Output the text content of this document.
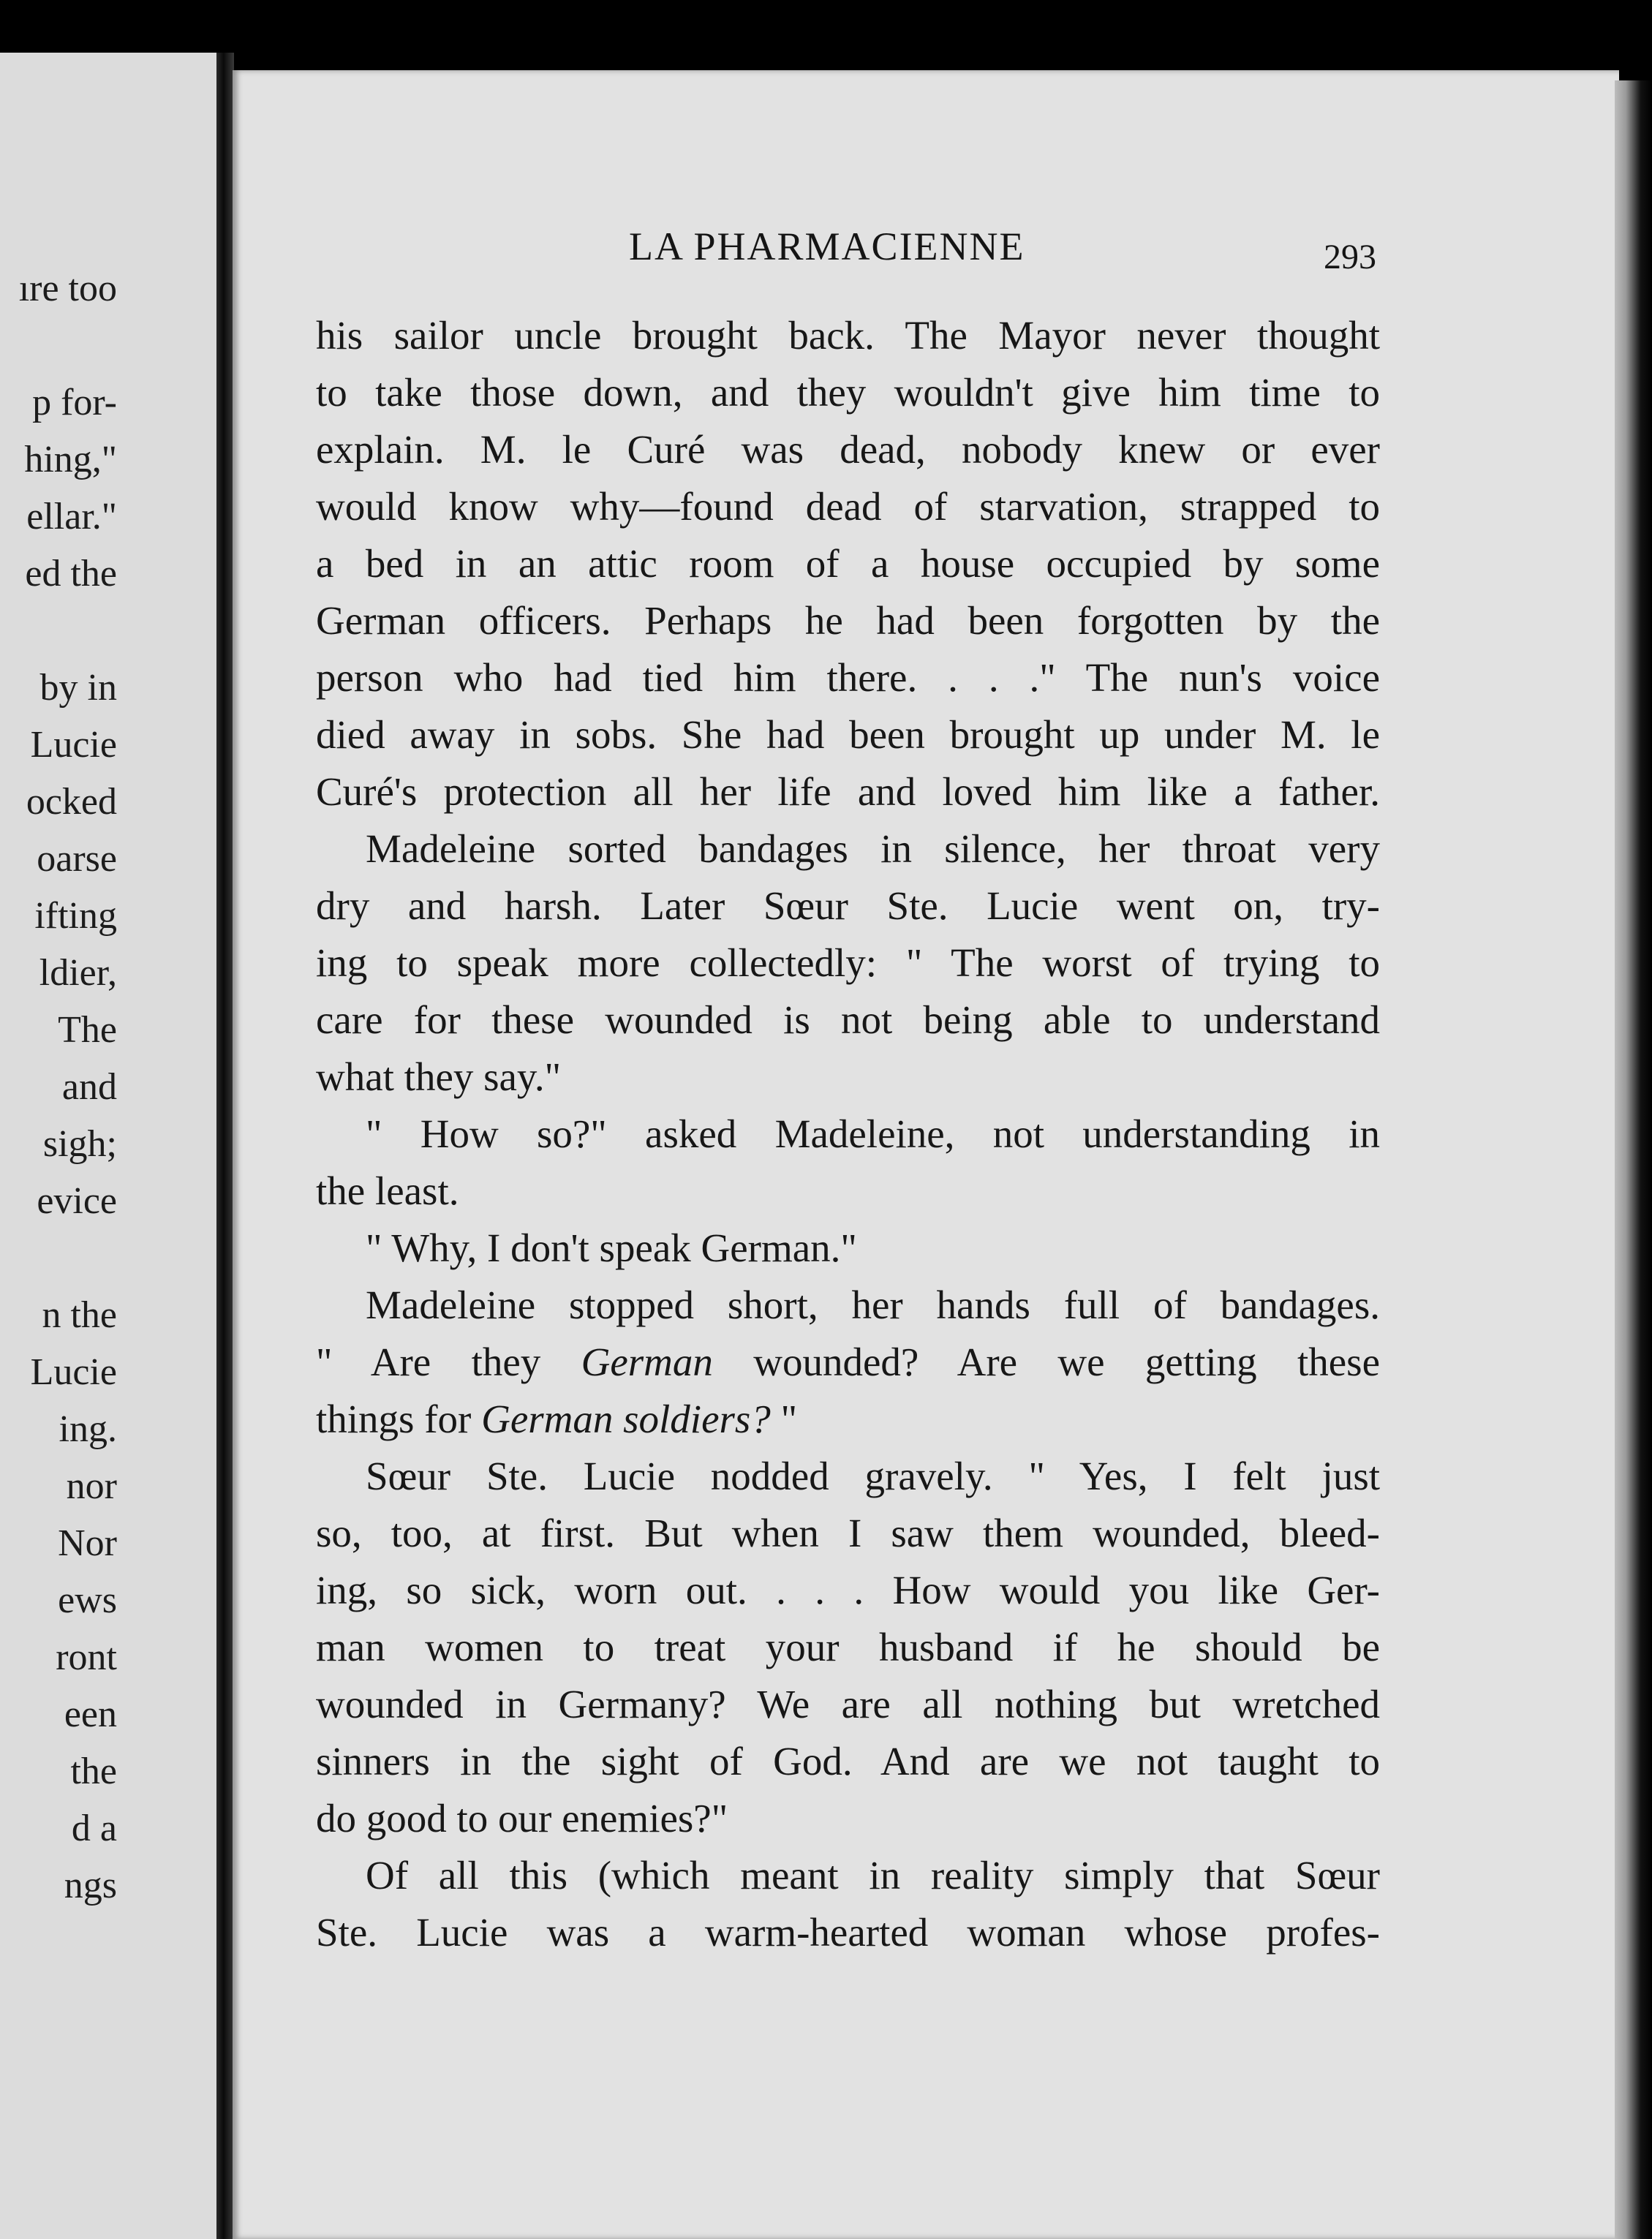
ıre too
p for-
hing,"
ellar."
ed the
by in
Lucie
ocked
oarse
ifting
ldier,
The
and
sigh;
evice
n the
Lucie
ing.
nor
Nor
ews
ront
een
the
d a
ngs
LA PHARMACIENNE	293
his sailor uncle brought back. The Mayor never thought
to take those down, and they wouldn't give him time to
explain. M. le Curé was dead, nobody knew or ever
would know why—found dead of starvation, strapped to
a bed in an attic room of a house occupied by some
German officers. Perhaps he had been forgotten by the
person who had tied him there. . . ." The nun's voice
died away in sobs. She had been brought up under M. le
Curé's protection all her life and loved him like a father.
Madeleine sorted bandages in silence, her throat very
dry and harsh. Later Sœur Ste. Lucie went on, try-
ing to speak more collectedly: " The worst of trying to
care for these wounded is not being able to understand
what they say."
" How so?" asked Madeleine, not understanding in
the least.
" Why, I don't speak German."
Madeleine stopped short, her hands full of bandages.
" Are they German wounded? Are we getting these
things for German soldiers? "
Sœur Ste. Lucie nodded gravely. " Yes, I felt just
so, too, at first. But when I saw them wounded, bleed-
ing, so sick, worn out. . . . How would you like Ger-
man women to treat your husband if he should be
wounded in Germany? We are all nothing but wretched
sinners in the sight of God. And are we not taught to
do good to our enemies?"
Of all this (which meant in reality simply that Sœur
Ste. Lucie was a warm-hearted woman whose profes-
